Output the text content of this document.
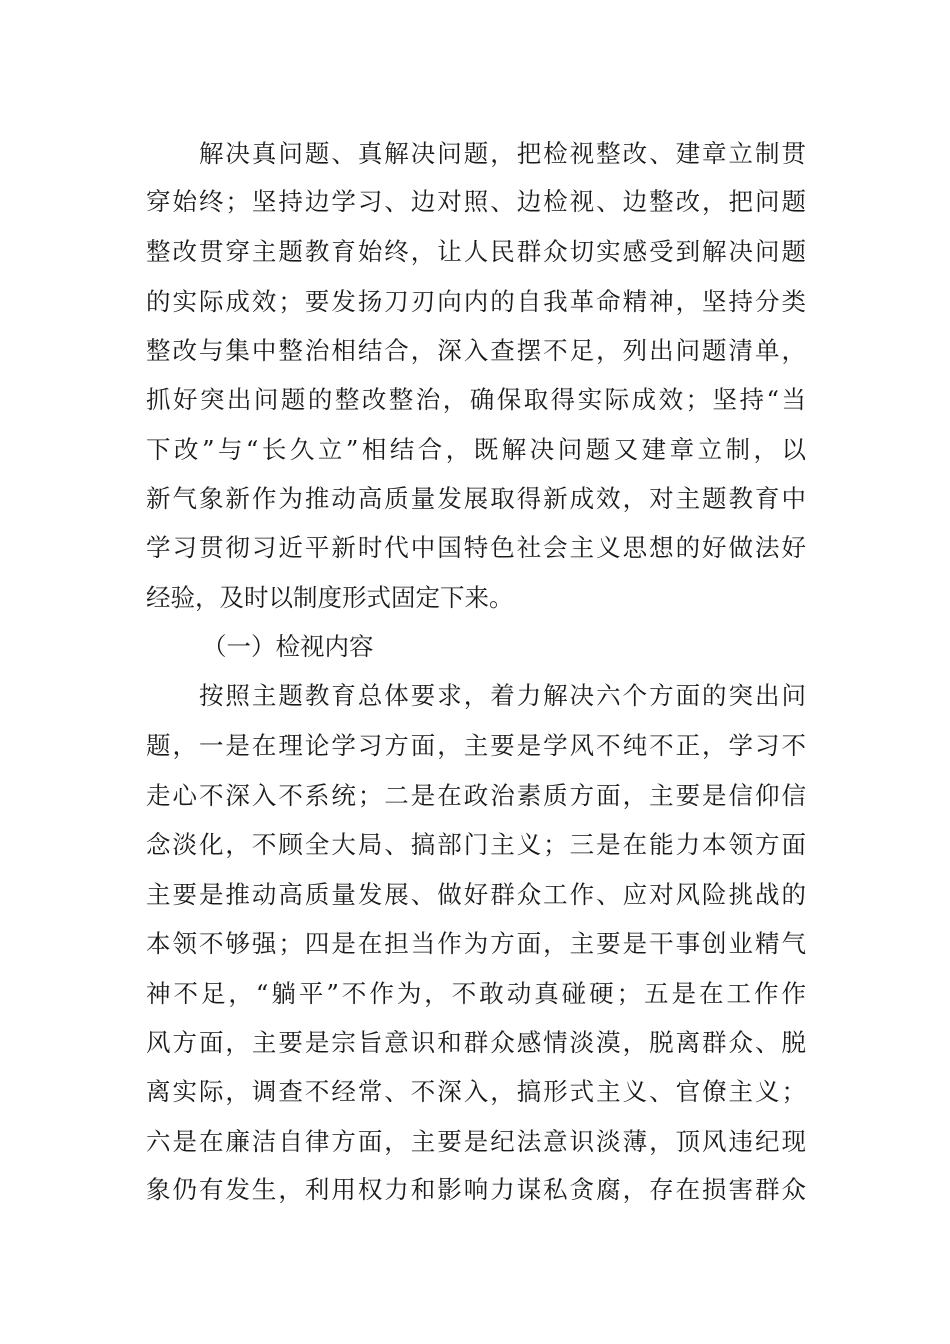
　　解决真问题、真解决问题，把检视整改、建章立制贯
穿始终；坚持边学习、边对照、边检视、边整改，把问题
整改贯穿主题教育始终，让人民群众切实感受到解决问题
的实际成效；要发扬刀刃向内的自我革命精神，坚持分类
整改与集中整治相结合，深入查摆不足，列出问题清单，
抓好突出问题的整改整治，确保取得实际成效；坚持“当
下改”与“长久立”相结合，既解决问题又建章立制，以
新气象新作为推动高质量发展取得新成效，对主题教育中
学习贯彻习近平新时代中国特色社会主义思想的好做法好
经验，及时以制度形式固定下来。
（一）检视内容
　　按照主题教育总体要求，着力解决六个方面的突出问
题，一是在理论学习方面，主要是学风不纯不正，学习不
走心不深入不系统；二是在政治素质方面，主要是信仰信
念淡化，不顾全大局、搞部门主义；三是在能力本领方面
主要是推动高质量发展、做好群众工作、应对风险挑战的
本领不够强；四是在担当作为方面，主要是干事创业精气
神不足，“躺平”不作为，不敢动真碰硬；五是在工作作
风方面，主要是宗旨意识和群众感情淡漠，脱离群众、脱
离实际，调查不经常、不深入，搞形式主义、官僚主义；
六是在廉洁自律方面，主要是纪法意识淡薄，顶风违纪现
象仍有发生，利用权力和影响力谋私贪腐，存在损害群众
